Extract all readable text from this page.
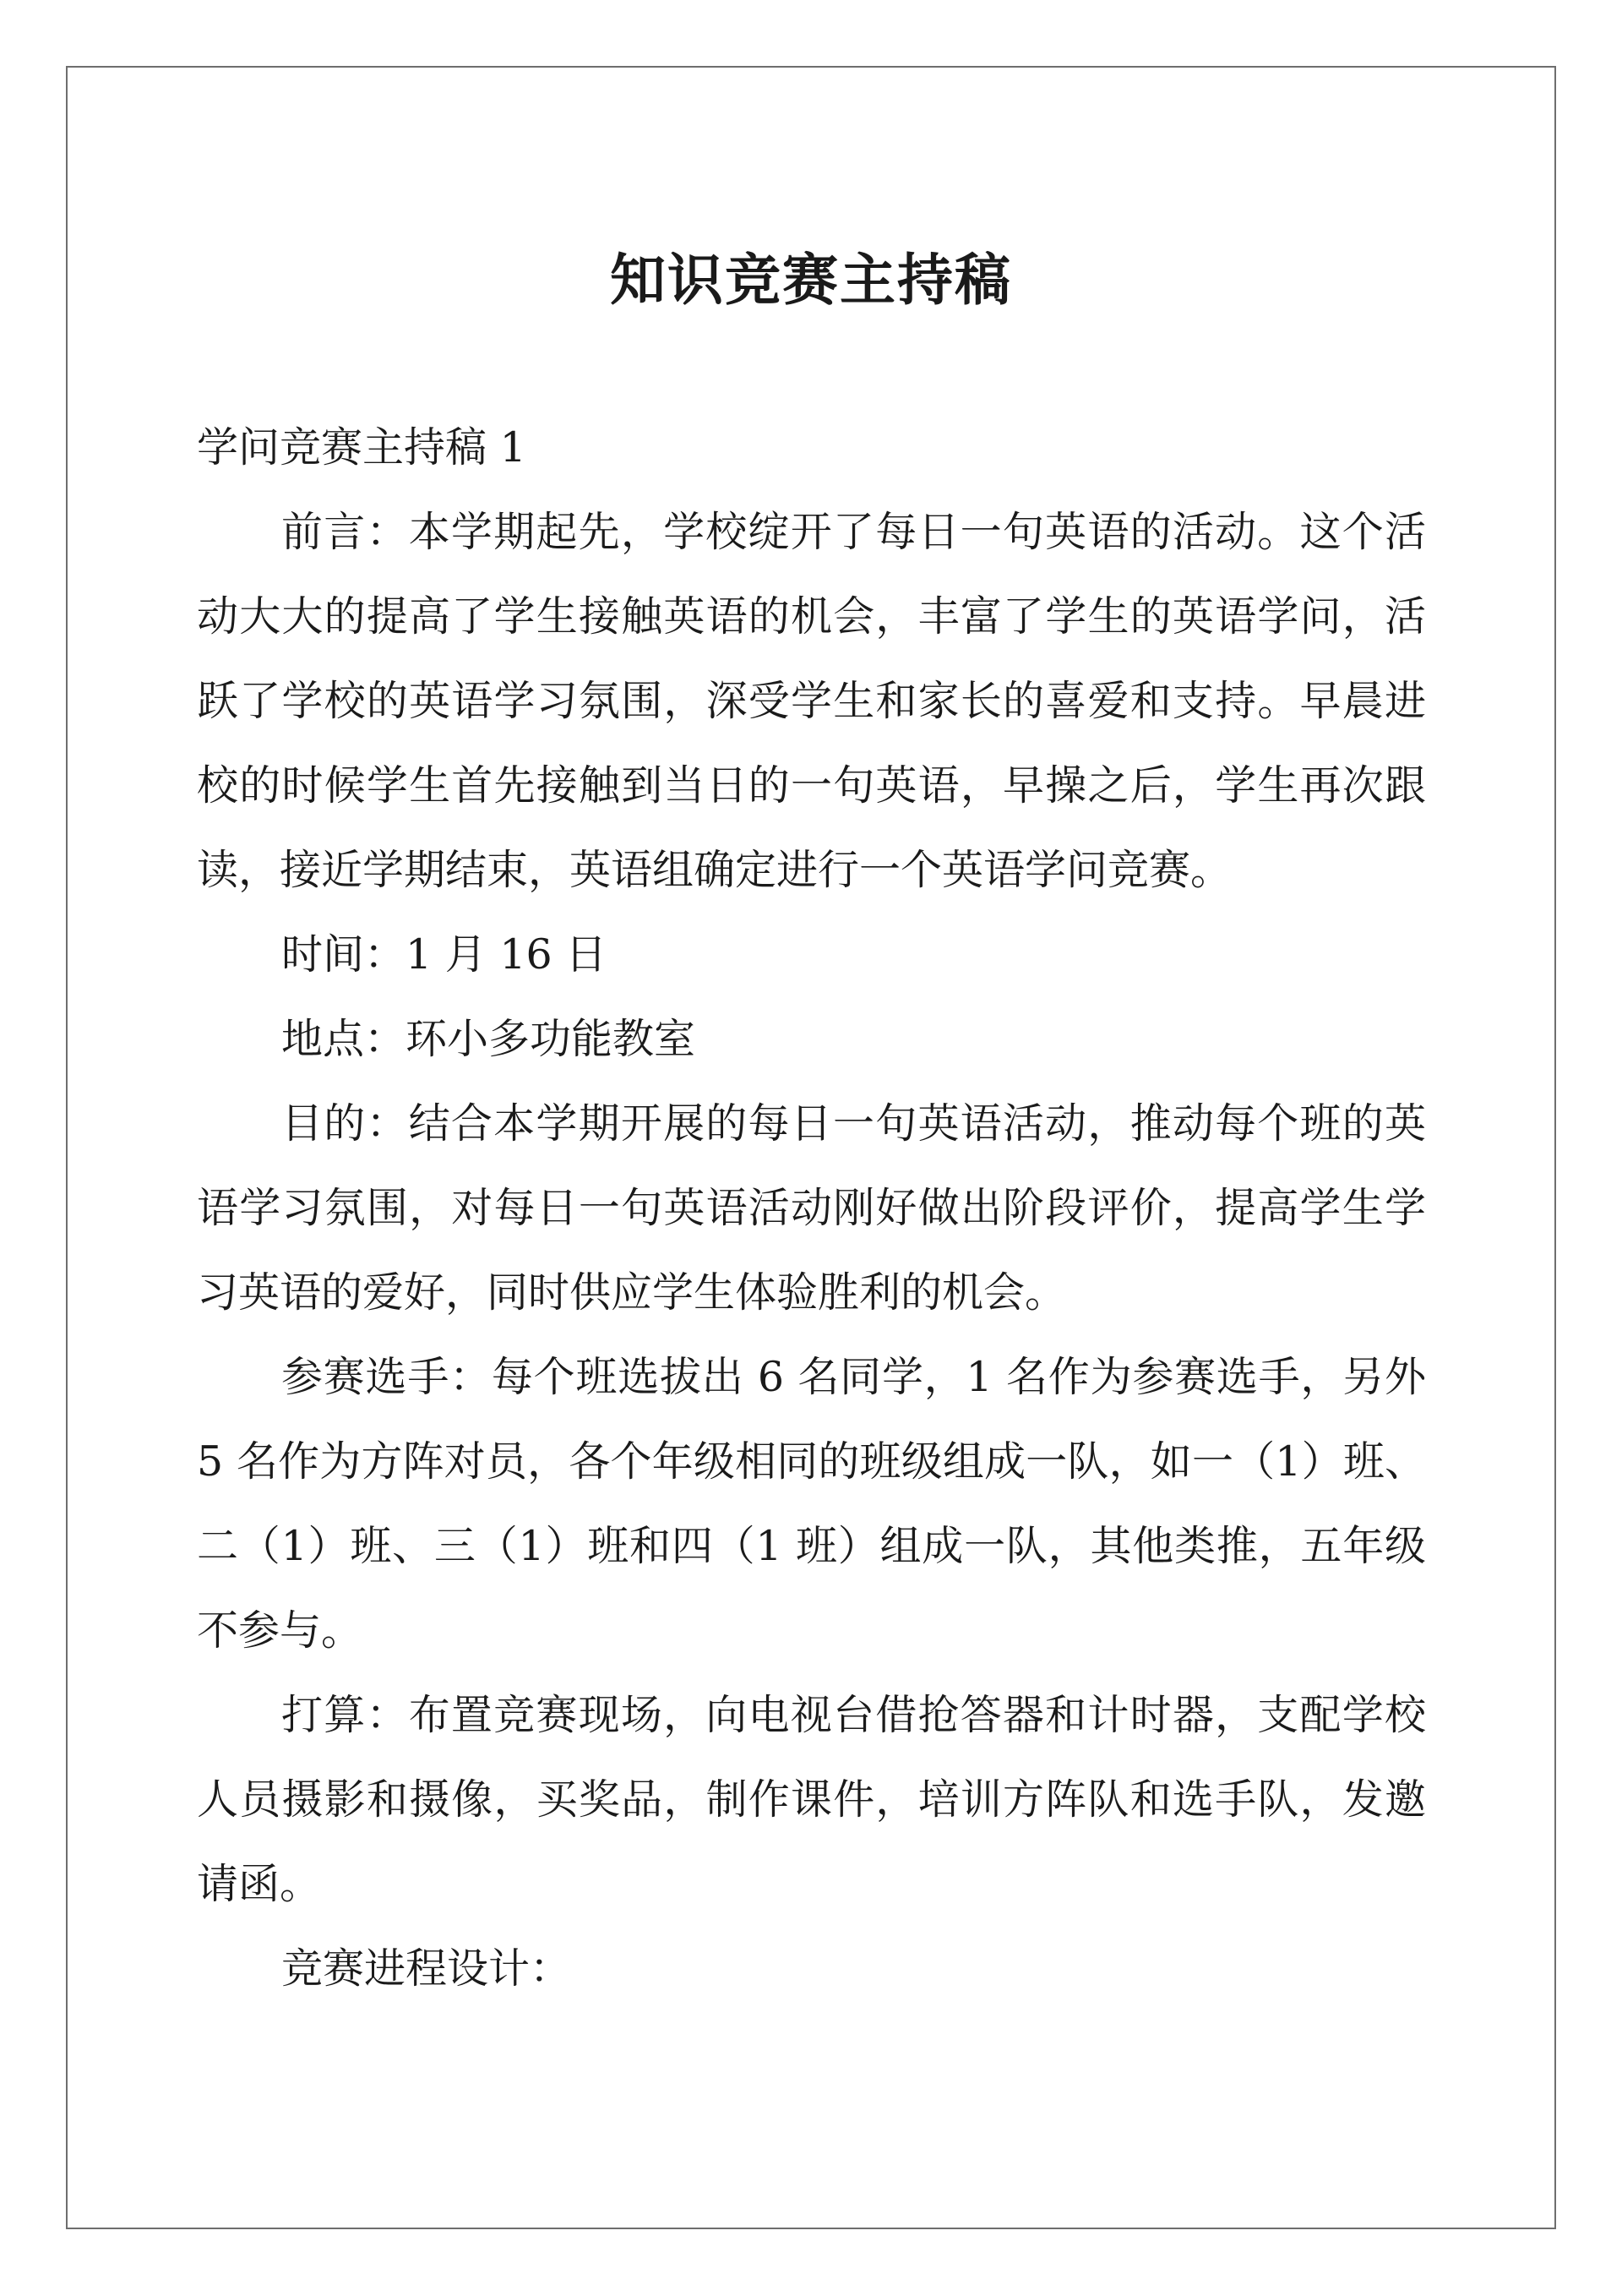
知识竞赛主持稿

学问竞赛主持稿 1

前言：本学期起先，学校绽开了每日一句英语的活动。这个活动大大的提高了学生接触英语的机会，丰富了学生的英语学问，活跃了学校的英语学习氛围，深受学生和家长的喜爱和支持。早晨进校的时候学生首先接触到当日的一句英语，早操之后，学生再次跟读，接近学期结束，英语组确定进行一个英语学问竞赛。

时间：1 月 16 日

地点：环小多功能教室

目的：结合本学期开展的每日一句英语活动，推动每个班的英语学习氛围，对每日一句英语活动刚好做出阶段评价，提高学生学习英语的爱好，同时供应学生体验胜利的机会。

参赛选手：每个班选拔出 6 名同学，1 名作为参赛选手，另外 5 名作为方阵对员，各个年级相同的班级组成一队，如一（1）班、二（1）班、三（1）班和四（1 班）组成一队，其他类推，五年级不参与。

打算：布置竞赛现场，向电视台借抢答器和计时器，支配学校人员摄影和摄像，买奖品，制作课件，培训方阵队和选手队，发邀请函。

竞赛进程设计：
